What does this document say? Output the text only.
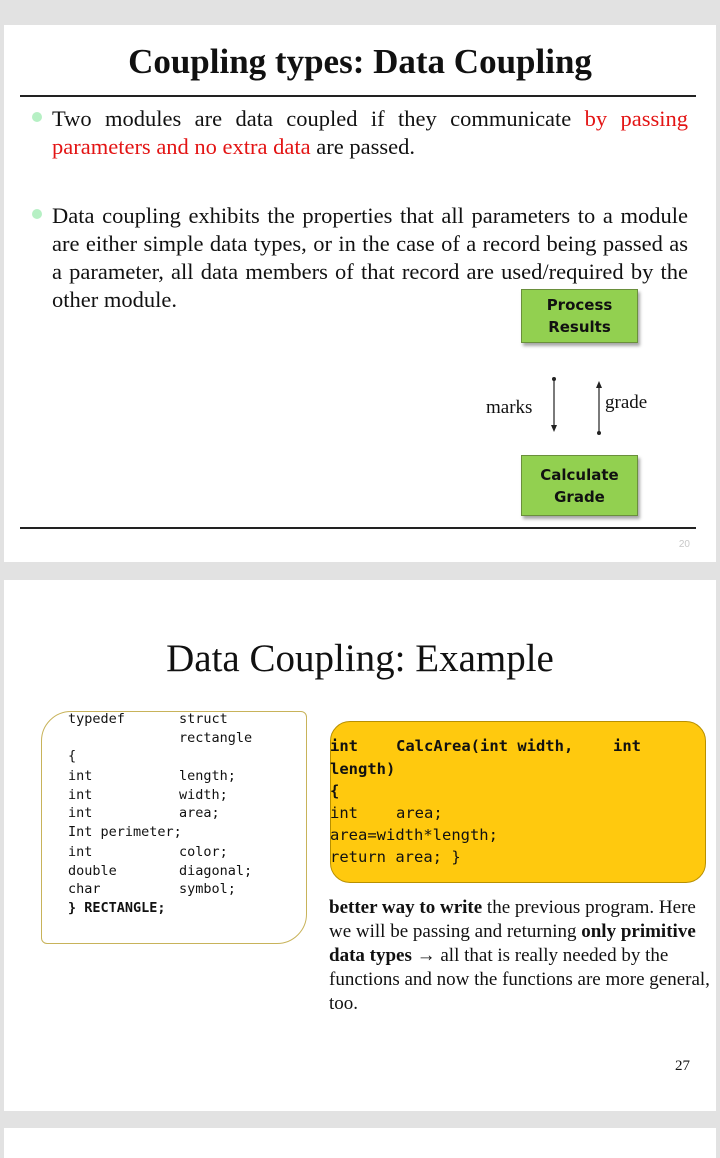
Coupling types: Data Coupling
Two modules are data coupled if they communicate by passing parameters and no extra data are passed.
Data coupling exhibits the properties that all parameters to a module are either simple data types, or in the case of a record being passed as a parameter, all data members of that record are used/required by the other module.	Process
Results
marks	grade
Calculate
Grade
20
Data Coupling: Example
typedef	struct
rectangle
{
int	length;
int	width;
int	area;
Int perimeter;
int	color;
double	diagonal;
char	symbol;
} RECTANGLE;
int CalcArea(int width,	int
length)
{
int area;
area=width*length;
return area; }
better way to write the previous program. Here we will be passing and returning only primitive data types → all that is really needed by the functions and now the functions are more general, too.
27
